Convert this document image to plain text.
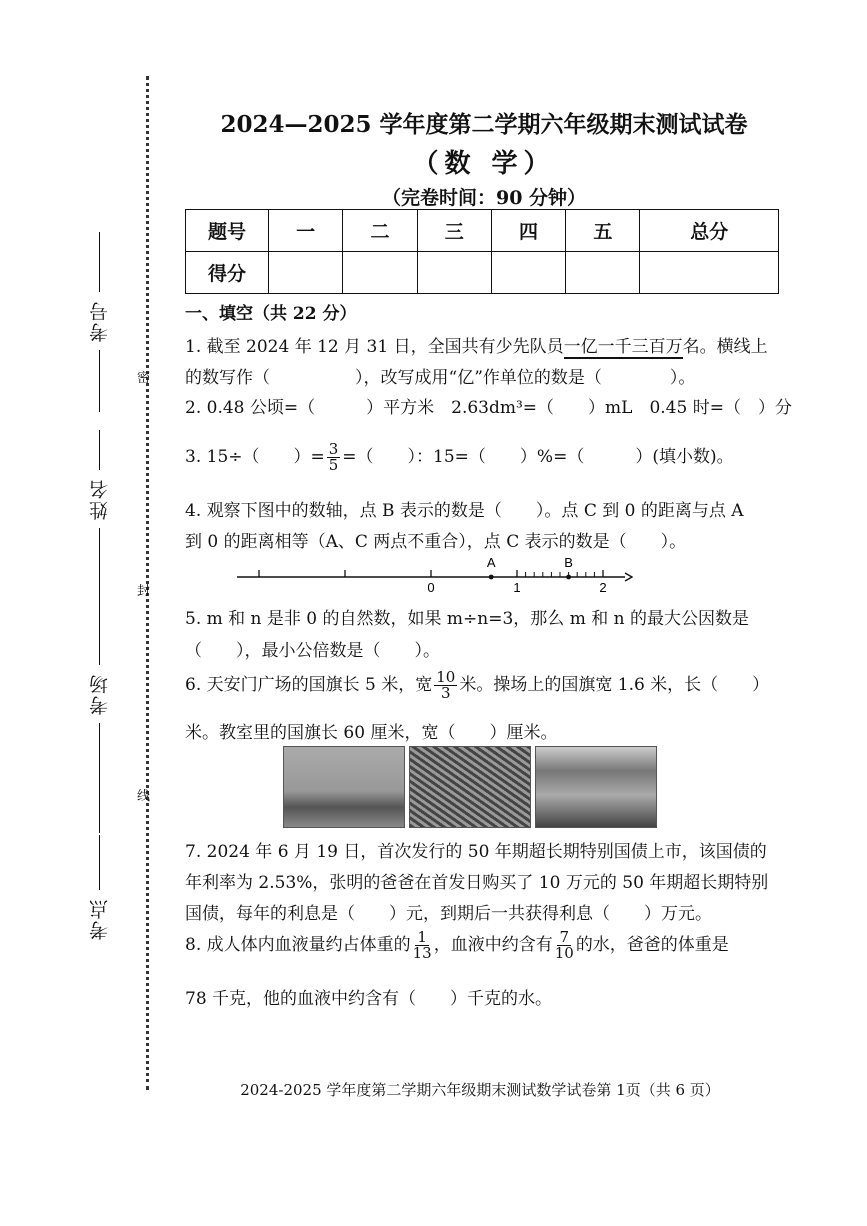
密
封
线
考号
姓名
考场
考点
2024—2025 学年度第二学期六年级期末测试试卷
（数 学）
（完卷时间：90 分钟）
题号	一	二	三	四	五	总分
得分						
一、填空（共 22 分）
1. 截至 2024 年 12 月 31 日，全国共有少先队员一亿一千三百万名。横线上
的数写作（　　　　　），改写成用“亿”作单位的数是（　　　　）。
2. 0.48 公顷=（　　　）平方米　2.63dm³=（　　）mL　0.45 时=（　）分
3. 15÷（　　）= $\frac{3}{5}$ =（　　）：15=（　　）%=（　　　）(填小数)。
4. 观察下图中的数轴，点 B 表示的数是（　　）。点 C 到 0 的距离与点 A
到 0 的距离相等（A、C 两点不重合），点 C 表示的数是（　　）。
0	1	2
A	B
5. m 和 n 是非 0 的自然数，如果 m÷n=3，那么 m 和 n 的最大公因数是
（　　），最小公倍数是（　　）。
6. 天安门广场的国旗长 5 米，宽 $\frac{10}{3}$ 米。操场上的国旗宽 1.6 米，长（　　）
米。教室里的国旗长 60 厘米，宽（　　）厘米。
7. 2024 年 6 月 19 日，首次发行的 50 年期超长期特别国债上市，该国债的
年利率为 2.53%，张明的爸爸在首发日购买了 10 万元的 50 年期超长期特别
国债，每年的利息是（　　）元，到期后一共获得利息（　　）万元。
8. 成人体内血液量约占体重的 $\frac{1}{13}$ ，血液中约含有 $\frac{7}{10}$ 的水，爸爸的体重是
78 千克，他的血液中约含有（　　）千克的水。
2024-2025 学年度第二学期六年级期末测试数学试卷第 1页（共 6 页）
